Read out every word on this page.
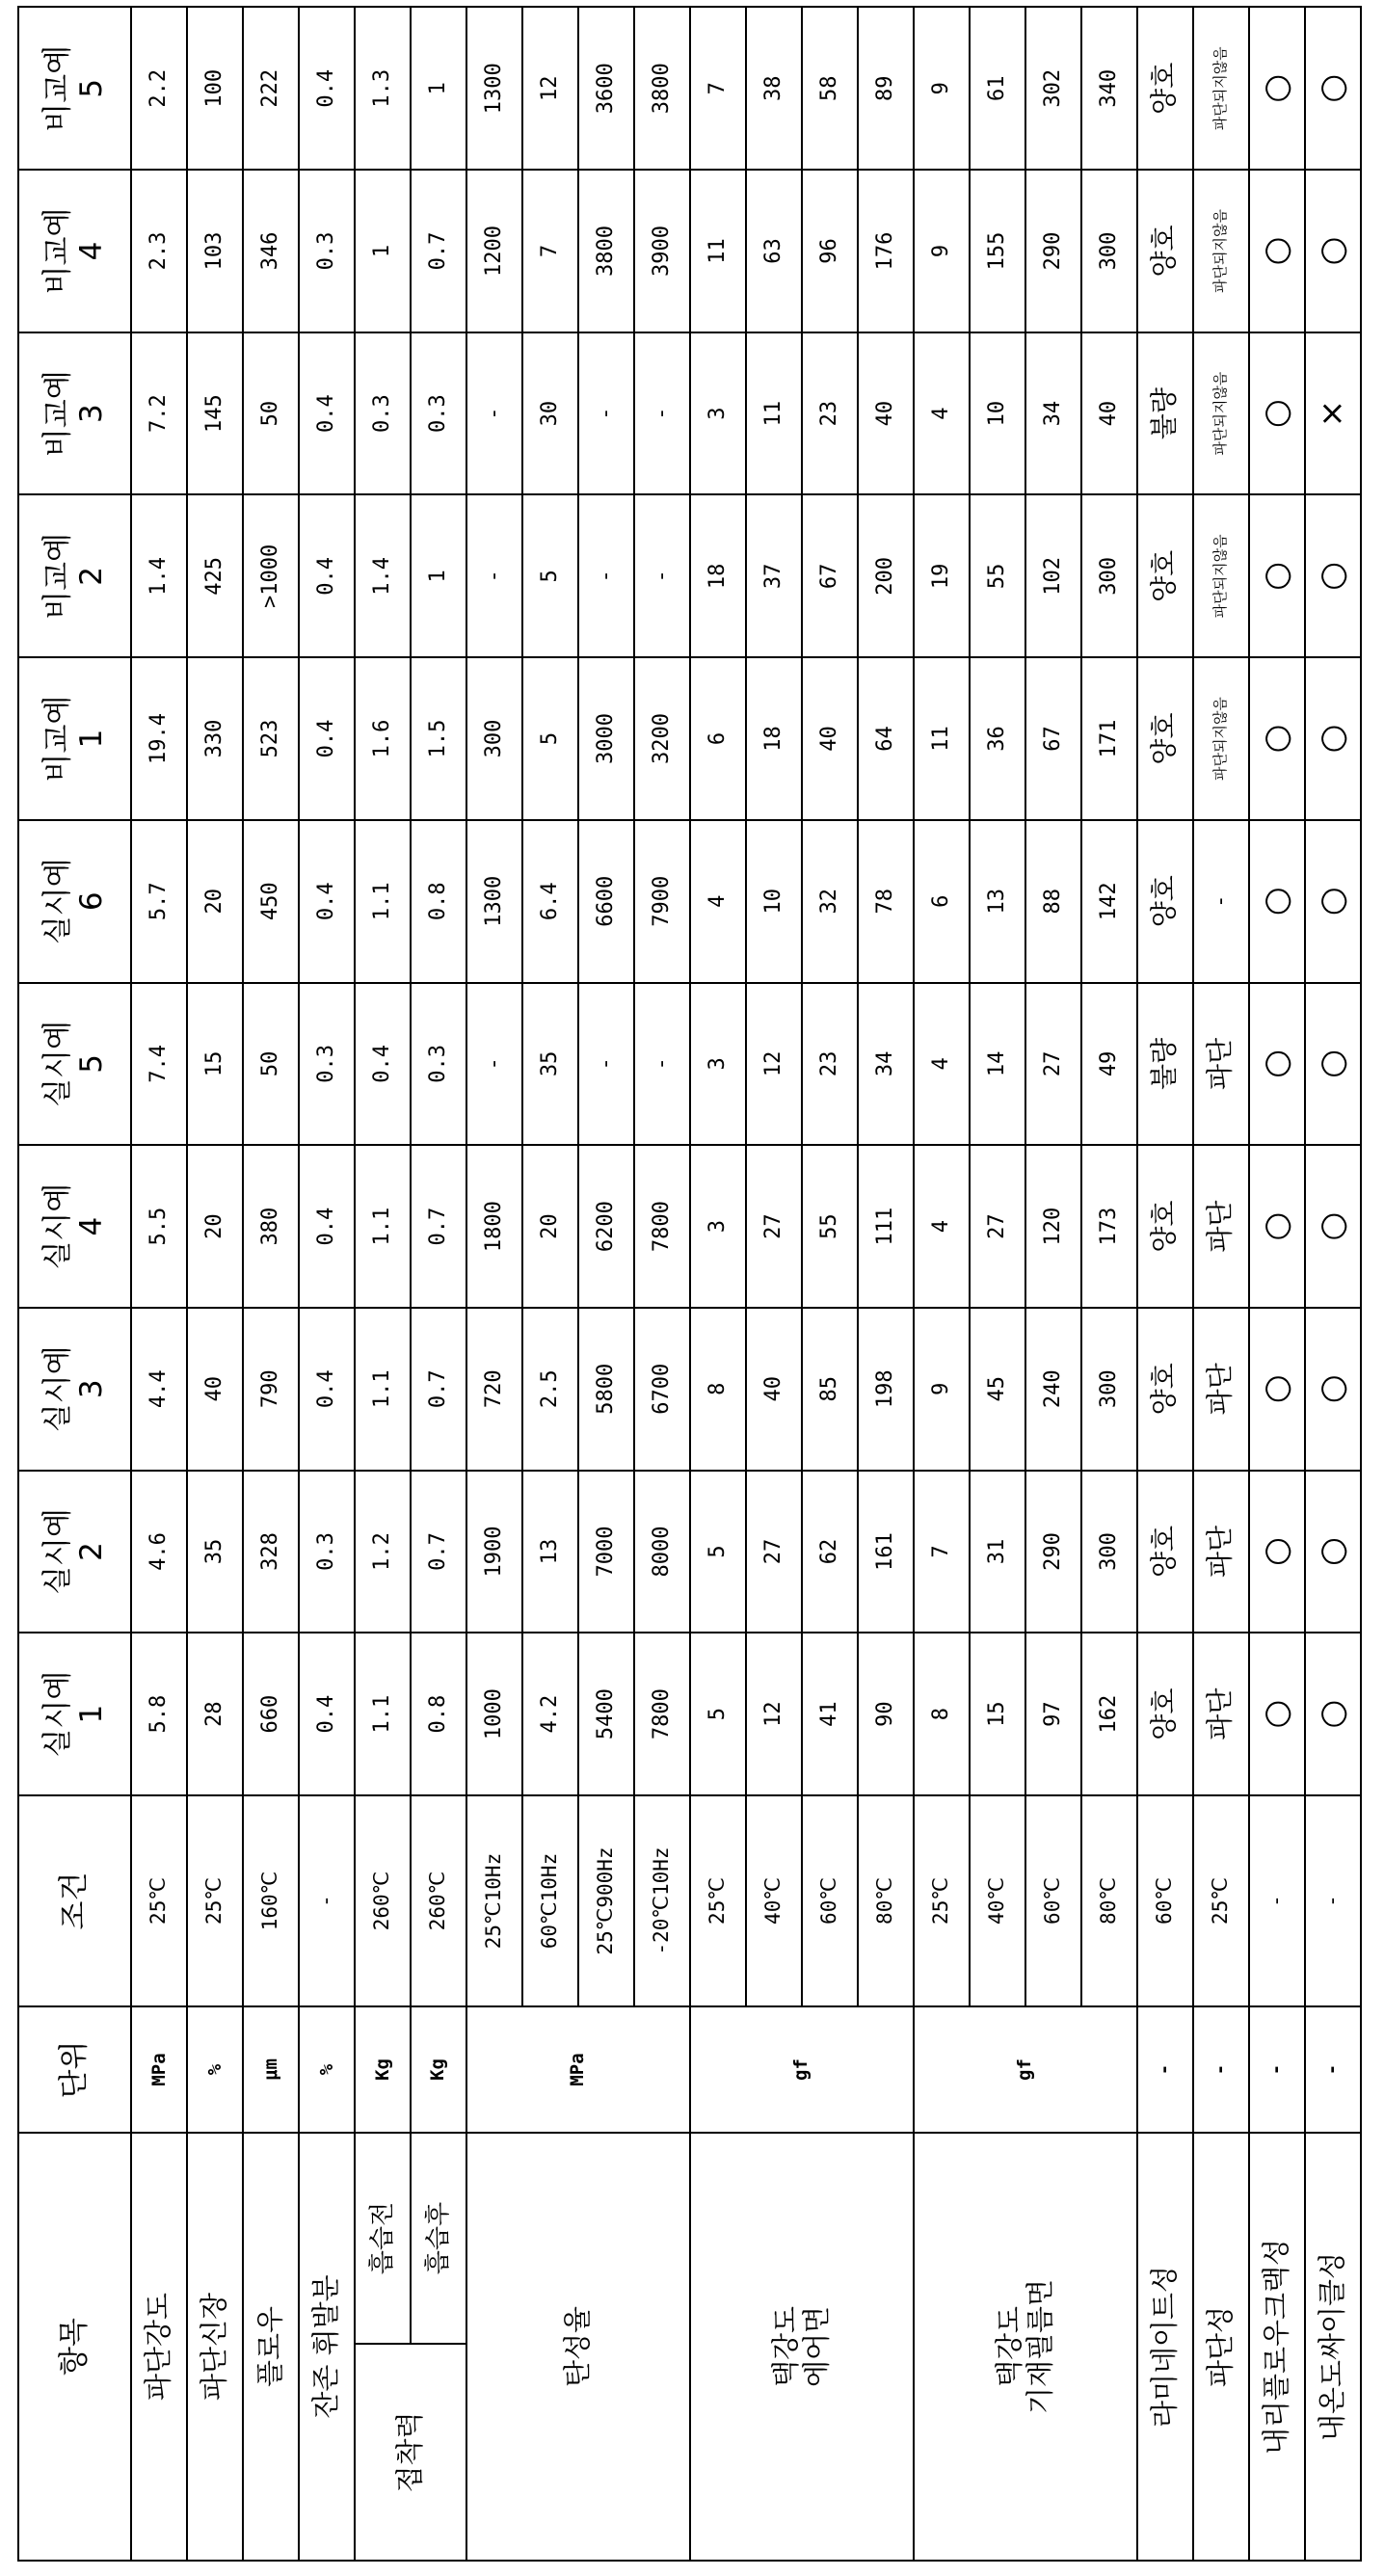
항목	단위	조건	
실시예
1

실시예
2

실시예
3

실시예
4

실시예
5

실시예
6

비교예
1

비교예
2

비교예
3

비교예
4

비교예
5

파단강도	MPa	25℃	5.8	4.6	4.4	5.5	7.4	5.7	19.4	1.4	7.2	2.3	2.2
파단신장	%	25℃	28	35	40	20	15	20	330	425	145	103	100
플로우	μm	160℃	660	328	790	380	50	450	523	>1000	50	346	222
잔존 휘발분	%	-	0.4	0.3	0.4	0.4	0.3	0.4	0.4	0.4	0.4	0.3	0.4
접착력	흡습전	Kg	260℃	1.1	1.2	1.1	1.1	0.4	1.1	1.6	1.4	0.3	1	1.3
흡습후	Kg	260℃	0.8	0.7	0.7	0.7	0.3	0.8	1.5	1	0.3	0.7	1
탄성율	MPa	25℃10Hz	1000	1900	720	1800	-	1300	300	-	-	1200	1300
60℃10Hz	4.2	13	2.5	20	35	6.4	5	5	30	7	12
25℃900Hz	5400	7000	5800	6200	-	6600	3000	-	-	3800	3600
-20℃10Hz	7800	8000	6700	7800	-	7900	3200	-	-	3900	3800

택강도
에어면
	gf	25℃	5	5	8	3	3	4	6	18	3	11	7
40℃	12	27	40	27	12	10	18	37	11	63	38
60℃	41	62	85	55	23	32	40	67	23	96	58
80℃	90	161	198	111	34	78	64	200	40	176	89

택강도
기재필름면
	gf	25℃	8	7	9	4	4	6	11	19	4	9	9
40℃	15	31	45	27	14	13	36	55	10	155	61
60℃	97	290	240	120	27	88	67	102	34	290	302
80℃	162	300	300	173	49	142	171	300	40	300	340
라미네이트성	-	60℃	양호	양호	양호	양호	불량	양호	양호	양호	불량	양호	양호
파단성	-	25℃	파단	파단	파단	파단	파단	-	파단되지않음	파단되지않음	파단되지않음	파단되지않음	파단되지않음
내리플로우크랙성	-	-	○	○	○	○	○	○	○	○	○	○	○
내온도싸이클성	-	-	○	○	○	○	○	○	○	○	×	○	○
